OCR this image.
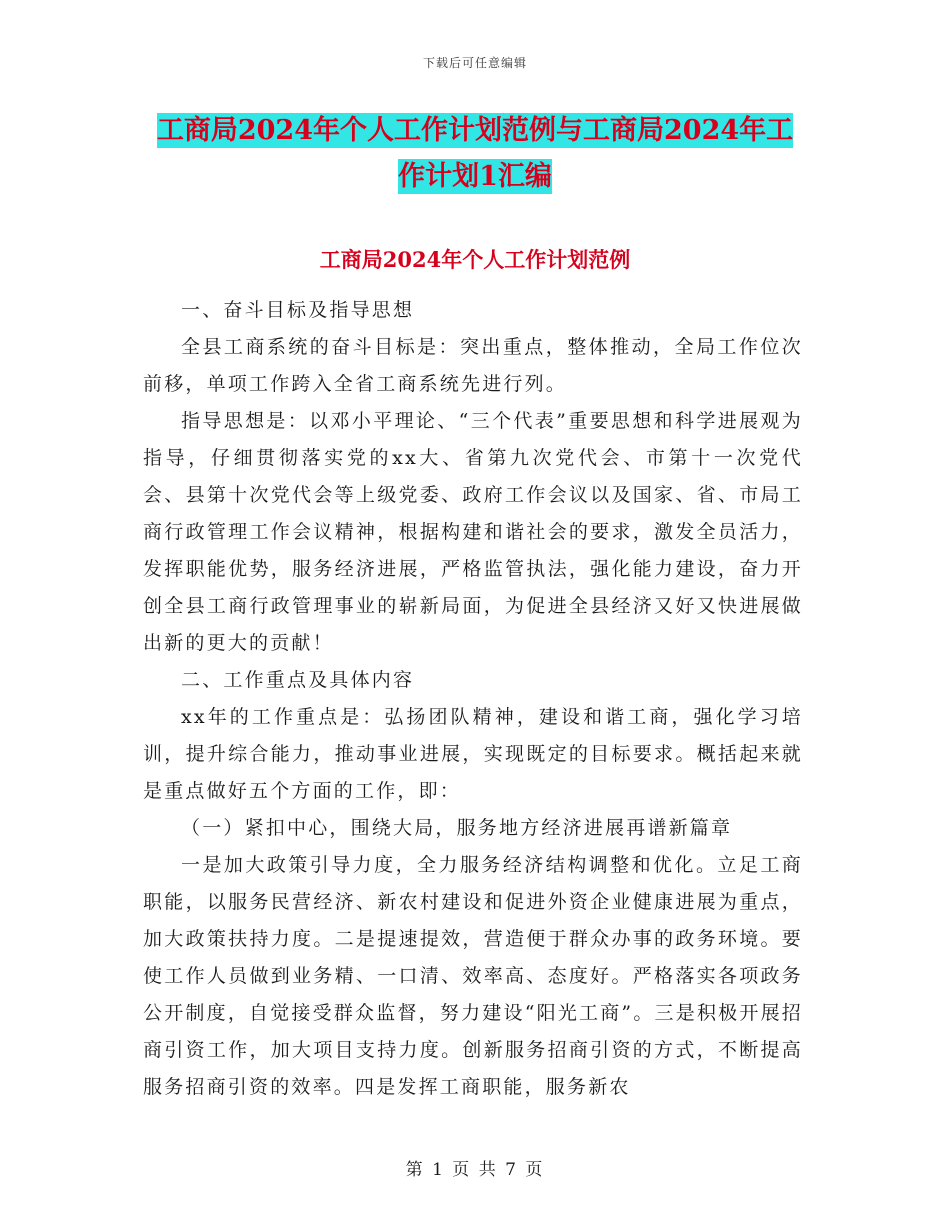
下载后可任意编辑
工商局2024年个人工作计划范例与工商局2024年工
作计划1汇编
工商局2024年个人工作计划范例

一、奋斗目标及指导思想

全县工商系统的奋斗目标是：突出重点，整体推动，全局工作位次前移，单项工作跨入全省工商系统先进行列。

指导思想是：以邓小平理论、“三个代表”重要思想和科学进展观为指导，仔细贯彻落实党的xx大、省第九次党代会、市第十一次党代会、县第十次党代会等上级党委、政府工作会议以及国家、省、市局工商行政管理工作会议精神，根据构建和谐社会的要求，激发全员活力，发挥职能优势，服务经济进展，严格监管执法，强化能力建设，奋力开创全县工商行政管理事业的崭新局面，为促进全县经济又好又快进展做出新的更大的贡献！

二、工作重点及具体内容

xx年的工作重点是：弘扬团队精神，建设和谐工商，强化学习培训，提升综合能力，推动事业进展，实现既定的目标要求。概括起来就是重点做好五个方面的工作，即：

（一）紧扣中心，围绕大局，服务地方经济进展再谱新篇章

一是加大政策引导力度，全力服务经济结构调整和优化。立足工商职能，以服务民营经济、新农村建设和促进外资企业健康进展为重点，加大政策扶持力度。二是提速提效，营造便于群众办事的政务环境。要使工作人员做到业务精、一口清、效率高、态度好。严格落实各项政务公开制度，自觉接受群众监督，努力建设“阳光工商”。三是积极开展招商引资工作，加大项目支持力度。创新服务招商引资的方式，不断提高服务招商引资的效率。四是发挥工商职能，服务新农

第 1 页 共 7 页
